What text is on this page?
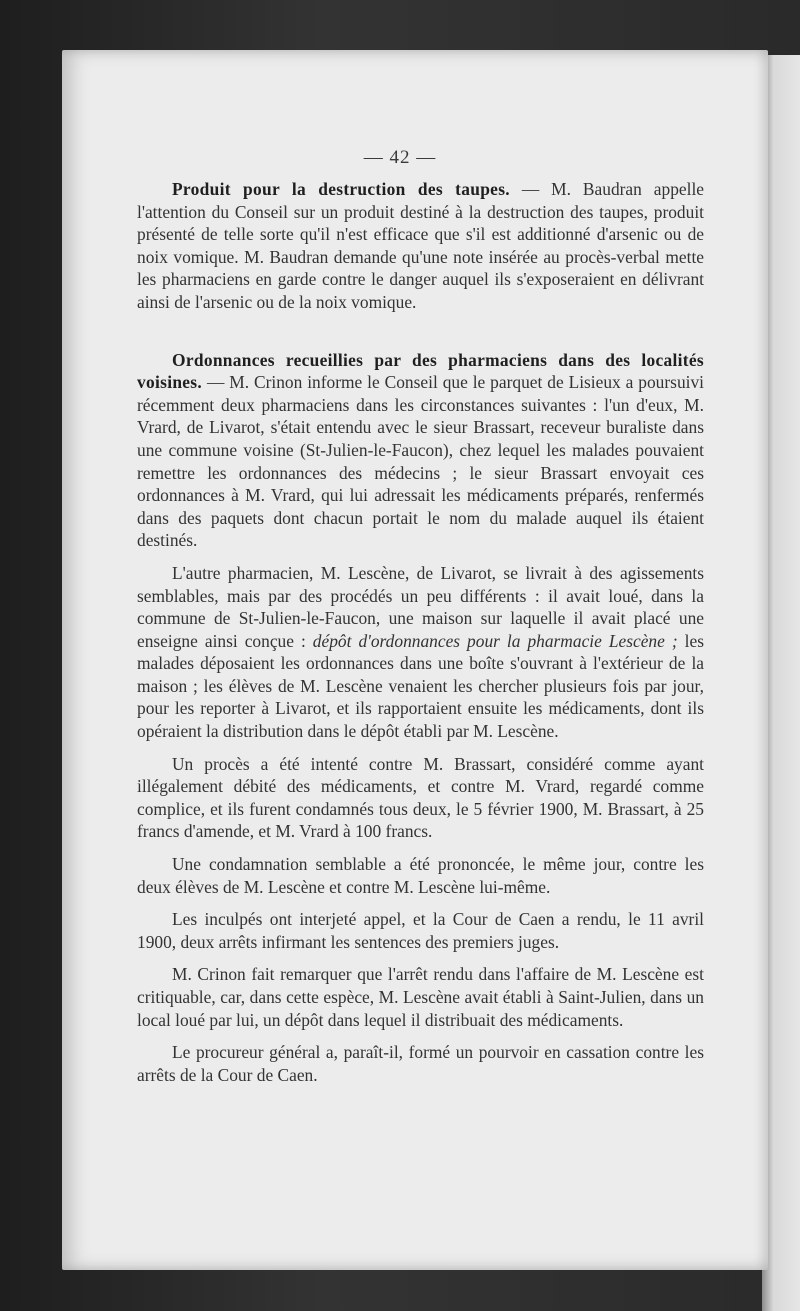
— 42 —

Produit pour la destruction des taupes. — M. Baudran appelle l'attention du Conseil sur un produit destiné à la destruction des taupes, produit présenté de telle sorte qu'il n'est efficace que s'il est additionné d'arsenic ou de noix vomique. M. Baudran demande qu'une note insérée au procès-verbal mette les pharmaciens en garde contre le danger auquel ils s'exposeraient en délivrant ainsi de l'arsenic ou de la noix vomique.

Ordonnances recueillies par des pharmaciens dans des localités voisines. — M. Crinon informe le Conseil que le parquet de Lisieux a poursuivi récemment deux pharmaciens dans les circonstances suivantes : l'un d'eux, M. Vrard, de Livarot, s'était entendu avec le sieur Brassart, receveur buraliste dans une commune voisine (St-Julien-le-Faucon), chez lequel les malades pouvaient remettre les ordonnances des médecins ; le sieur Brassart envoyait ces ordonnances à M. Vrard, qui lui adressait les médicaments préparés, renfermés dans des paquets dont chacun portait le nom du malade auquel ils étaient destinés.

L'autre pharmacien, M. Lescène, de Livarot, se livrait à des agissements semblables, mais par des procédés un peu différents : il avait loué, dans la commune de St-Julien-le-Faucon, une maison sur laquelle il avait placé une enseigne ainsi conçue : dépôt d'ordonnances pour la pharmacie Lescène ; les malades déposaient les ordonnances dans une boîte s'ouvrant à l'extérieur de la maison ; les élèves de M. Lescène venaient les chercher plusieurs fois par jour, pour les reporter à Livarot, et ils rapportaient ensuite les médicaments, dont ils opéraient la distribution dans le dépôt établi par M. Lescène.

Un procès a été intenté contre M. Brassart, considéré comme ayant illégalement débité des médicaments, et contre M. Vrard, regardé comme complice, et ils furent condamnés tous deux, le 5 février 1900, M. Brassart, à 25 francs d'amende, et M. Vrard à 100 francs.

Une condamnation semblable a été prononcée, le même jour, contre les deux élèves de M. Lescène et contre M. Lescène lui-même.

Les inculpés ont interjeté appel, et la Cour de Caen a rendu, le 11 avril 1900, deux arrêts infirmant les sentences des premiers juges.

M. Crinon fait remarquer que l'arrêt rendu dans l'affaire de M. Lescène est critiquable, car, dans cette espèce, M. Lescène avait établi à Saint-Julien, dans un local loué par lui, un dépôt dans lequel il distribuait des médicaments.

Le procureur général a, paraît-il, formé un pourvoir en cassation contre les arrêts de la Cour de Caen.
